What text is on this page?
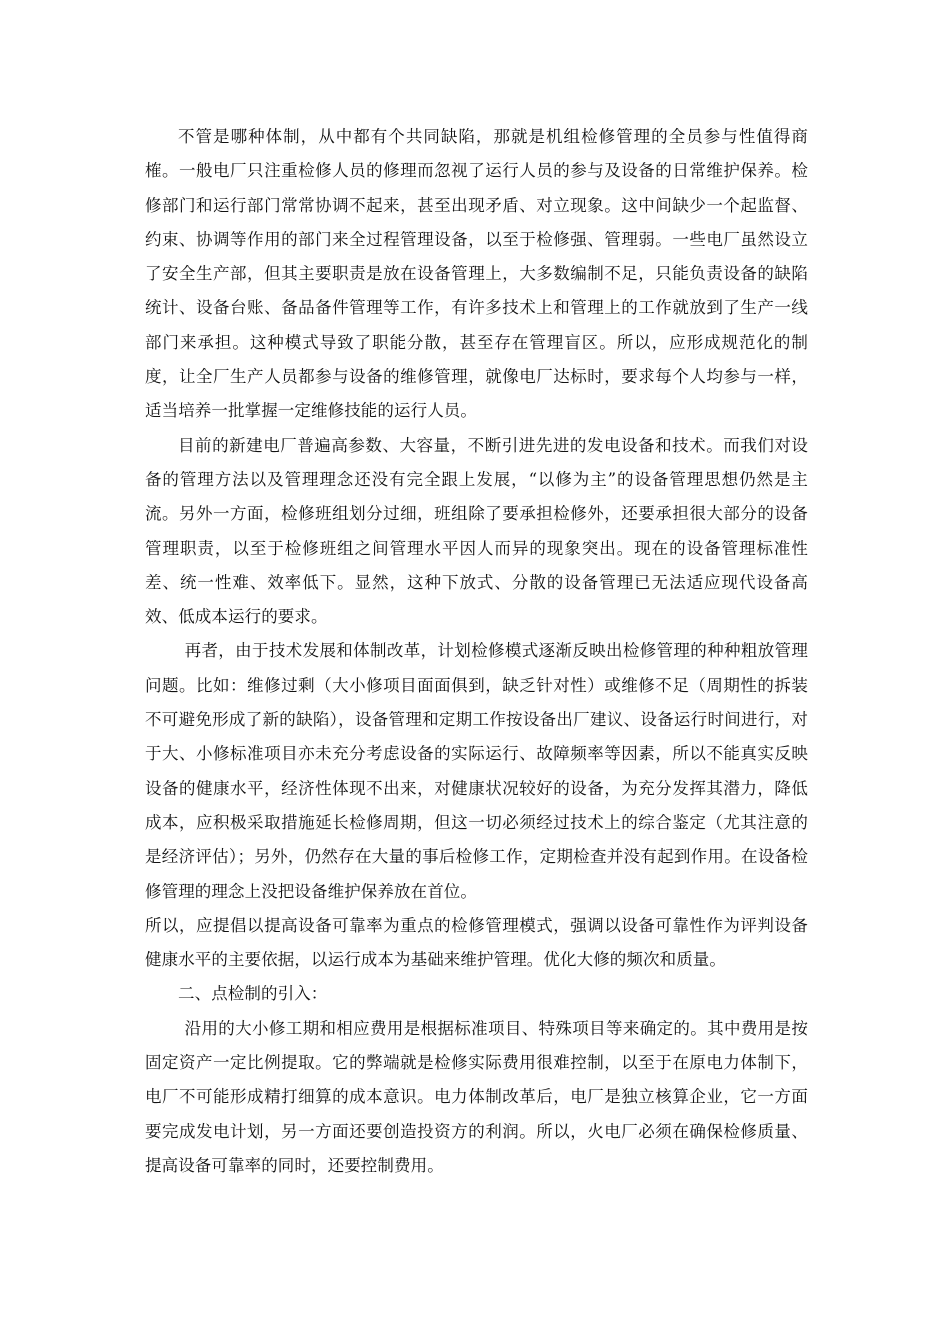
不管是哪种体制，从中都有个共同缺陷，那就是机组检修管理的全员参与性值得商榷。一般电厂只注重检修人员的修理而忽视了运行人员的参与及设备的日常维护保养。检修部门和运行部门常常协调不起来，甚至出现矛盾、对立现象。这中间缺少一个起监督、约束、协调等作用的部门来全过程管理设备，以至于检修强、管理弱。一些电厂虽然设立了安全生产部，但其主要职责是放在设备管理上，大多数编制不足，只能负责设备的缺陷统计、设备台账、备品备件管理等工作，有许多技术上和管理上的工作就放到了生产一线部门来承担。这种模式导致了职能分散，甚至存在管理盲区。所以，应形成规范化的制度，让全厂生产人员都参与设备的维修管理，就像电厂达标时，要求每个人均参与一样，适当培养一批掌握一定维修技能的运行人员。

目前的新建电厂普遍高参数、大容量，不断引进先进的发电设备和技术。而我们对设备的管理方法以及管理理念还没有完全跟上发展，“以修为主”的设备管理思想仍然是主流。另外一方面，检修班组划分过细，班组除了要承担检修外，还要承担很大部分的设备管理职责，以至于检修班组之间管理水平因人而异的现象突出。现在的设备管理标准性差、统一性难、效率低下。显然，这种下放式、分散的设备管理已无法适应现代设备高效、低成本运行的要求。

再者，由于技术发展和体制改革，计划检修模式逐渐反映出检修管理的种种粗放管理问题。比如：维修过剩（大小修项目面面俱到，缺乏针对性）或维修不足（周期性的拆装不可避免形成了新的缺陷），设备管理和定期工作按设备出厂建议、设备运行时间进行，对于大、小修标准项目亦未充分考虑设备的实际运行、故障频率等因素，所以不能真实反映设备的健康水平，经济性体现不出来，对健康状况较好的设备，为充分发挥其潜力，降低成本，应积极采取措施延长检修周期，但这一切必须经过技术上的综合鉴定（尤其注意的是经济评估）；另外，仍然存在大量的事后检修工作，定期检查并没有起到作用。在设备检修管理的理念上没把设备维护保养放在首位。

所以，应提倡以提高设备可靠率为重点的检修管理模式，强调以设备可靠性作为评判设备健康水平的主要依据，以运行成本为基础来维护管理。优化大修的频次和质量。

二、点检制的引入：

沿用的大小修工期和相应费用是根据标准项目、特殊项目等来确定的。其中费用是按固定资产一定比例提取。它的弊端就是检修实际费用很难控制，以至于在原电力体制下，电厂不可能形成精打细算的成本意识。电力体制改革后，电厂是独立核算企业，它一方面要完成发电计划，另一方面还要创造投资方的利润。所以，火电厂必须在确保检修质量、提高设备可靠率的同时，还要控制费用。
